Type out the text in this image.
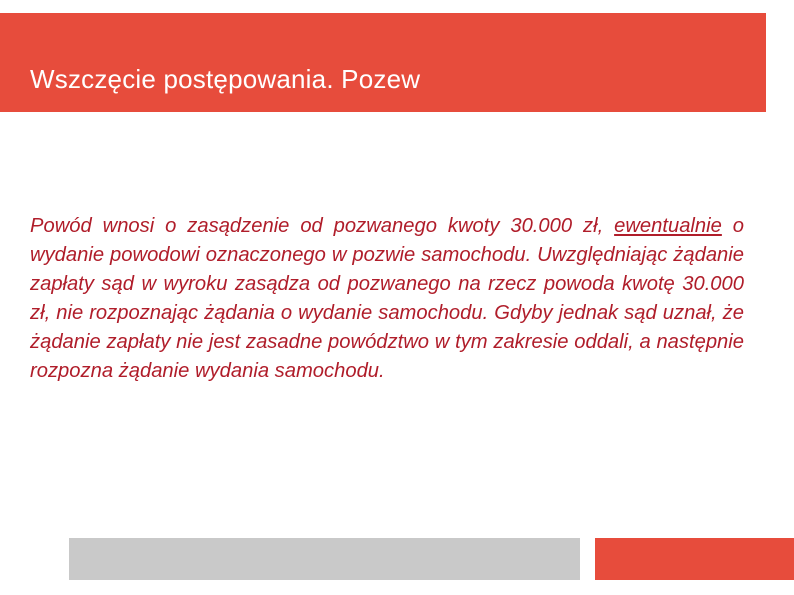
Wszczęcie postępowania. Pozew

Powód wnosi o zasądzenie od pozwanego kwoty 30.000 zł, ewentualnie o wydanie powodowi oznaczonego w pozwie samochodu. Uwzględniając żądanie zapłaty sąd w wyroku zasądza od pozwanego na rzecz powoda kwotę 30.000 zł, nie rozpoznając żądania o wydanie samochodu. Gdyby jednak sąd uznał, że żądanie zapłaty nie jest zasadne powództwo w tym zakresie oddali, a następnie rozpozna żądanie wydania samochodu.
